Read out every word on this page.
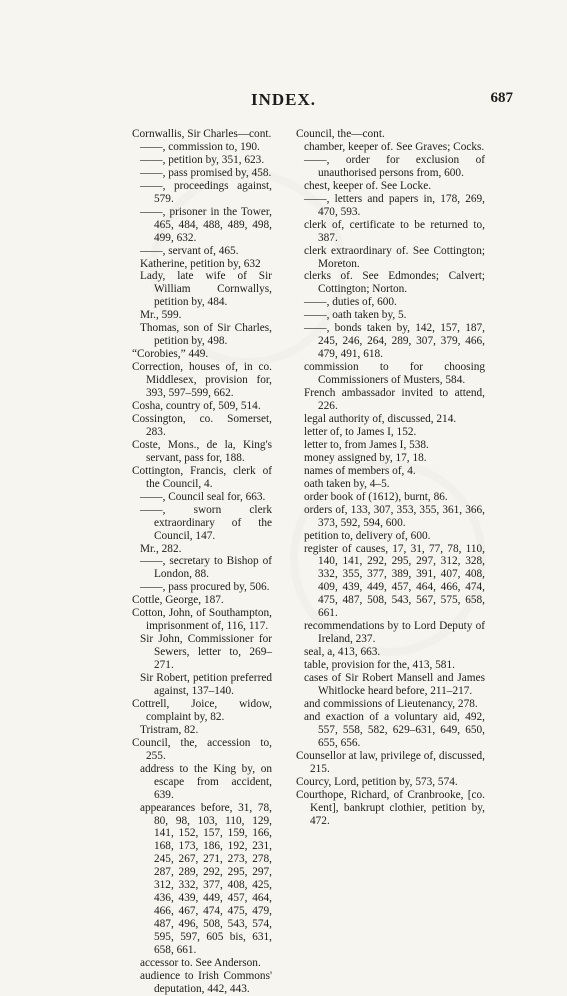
INDEX.	687
Cornwallis, Sir Charles—cont.
——, commission to, 190.
——, petition by, 351, 623.
——, pass promised by, 458.
——, proceedings against, 579.
——, prisoner in the Tower, 465, 484, 488, 489, 498, 499, 632.
——, servant of, 465.
Katherine, petition by, 632
Lady, late wife of Sir William Cornwallys, petition by, 484.
Mr., 599.
Thomas, son of Sir Charles, petition by, 498.
“Corobies,” 449.
Correction, houses of, in co. Middlesex, provision for, 393, 597–599, 662.
Cosha, country of, 509, 514.
Cossington, co. Somerset, 283.
Coste, Mons., de la, King's servant, pass for, 188.
Cottington, Francis, clerk of the Council, 4.
——, Council seal for, 663.
——, sworn clerk extraordinary of the Council, 147.
Mr., 282.
——, secretary to Bishop of London, 88.
——, pass procured by, 506.
Cottle, George, 187.
Cotton, John, of Southampton, imprisonment of, 116, 117.
Sir John, Commissioner for Sewers, letter to, 269–271.
Sir Robert, petition preferred against, 137–140.
Cottrell, Joice, widow, complaint by, 82.
Tristram, 82.
Council, the, accession to, 255.
address to the King by, on escape from accident, 639.
appearances before, 31, 78, 80, 98, 103, 110, 129, 141, 152, 157, 159, 166, 168, 173, 186, 192, 231, 245, 267, 271, 273, 278, 287, 289, 292, 295, 297, 312, 332, 377, 408, 425, 436, 439, 449, 457, 464, 466, 467, 474, 475, 479, 487, 496, 508, 543, 574, 595, 597, 605 bis, 631, 658, 661.
accessor to. See Anderson.
audience to Irish Commons' deputation, 442, 443.
Council, the—cont.
chamber, keeper of. See Graves; Cocks.
——, order for exclusion of unauthorised persons from, 600.
chest, keeper of. See Locke.
——, letters and papers in, 178, 269, 470, 593.
clerk of, certificate to be returned to, 387.
clerk extraordinary of. See Cottington; Moreton.
clerks of. See Edmondes; Calvert; Cottington; Norton.
——, duties of, 600.
——, oath taken by, 5.
——, bonds taken by, 142, 157, 187, 245, 246, 264, 289, 307, 379, 466, 479, 491, 618.
commission to for choosing Commissioners of Musters, 584.
French ambassador invited to attend, 226.
legal authority of, discussed, 214.
letter of, to James I, 152.
letter to, from James I, 538.
money assigned by, 17, 18.
names of members of, 4.
oath taken by, 4–5.
order book of (1612), burnt, 86.
orders of, 133, 307, 353, 355, 361, 366, 373, 592, 594, 600.
petition to, delivery of, 600.
register of causes, 17, 31, 77, 78, 110, 140, 141, 292, 295, 297, 312, 328, 332, 355, 377, 389, 391, 407, 408, 409, 439, 449, 457, 464, 466, 474, 475, 487, 508, 543, 567, 575, 658, 661.
recommendations by to Lord Deputy of Ireland, 237.
seal, a, 413, 663.
table, provision for the, 413, 581.
cases of Sir Robert Mansell and James Whitlocke heard before, 211–217.
and commissions of Lieutenancy, 278.
and exaction of a voluntary aid, 492, 557, 558, 582, 629–631, 649, 650, 655, 656.
Counsellor at law, privilege of, discussed, 215.
Courcy, Lord, petition by, 573, 574.
Courthope, Richard, of Cranbrooke, [co. Kent], bankrupt clothier, petition by, 472.
